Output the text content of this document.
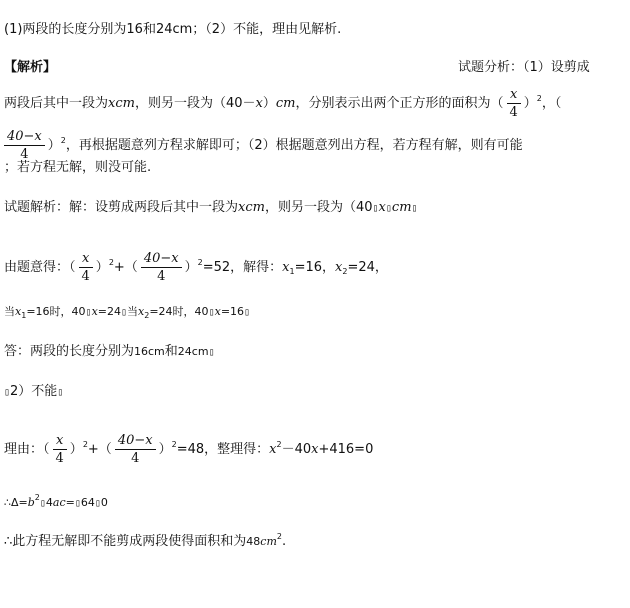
(1)两段的长度分别为16和24cm；（2）不能，理由见解析.
【解析】	试题分析：（1）设剪成
两段后其中一段为xcm，则另一段为（40－x）cm，分别表示出两个正方形的面积为（ $\frac{x}{4} )^2$，（
$\frac{40-x}{4} )^2$，再根据题意列方程求解即可；（2）根据题意列出方程，若方程有解，则有可能
；若方程无解，则没可能.
试题解析：解：设剪成两段后其中一段为xcm，则另一段为（40▯x▯cm▯
由题意得：（ $\frac{x}{4} )^2+( \frac{40-x}{4} )^2=52$，解得：$x_1=16$，$x_2=24$，
当$x_1=16$时，40▯x=24▯当$x_2=24$时，40▯x=16▯
答：两段的长度分别为16cm和24cm▯
▯2）不能▯
理由：（ $\frac{x}{4} )^2+( \frac{40-x}{4} )^2=48$，整理得：$x^2-40x+416=0$
$\therefore\Delta=b^2▯4ac=▯64▯0$
∴此方程无解即不能剪成两段使得面积和为$48cm^2$.
